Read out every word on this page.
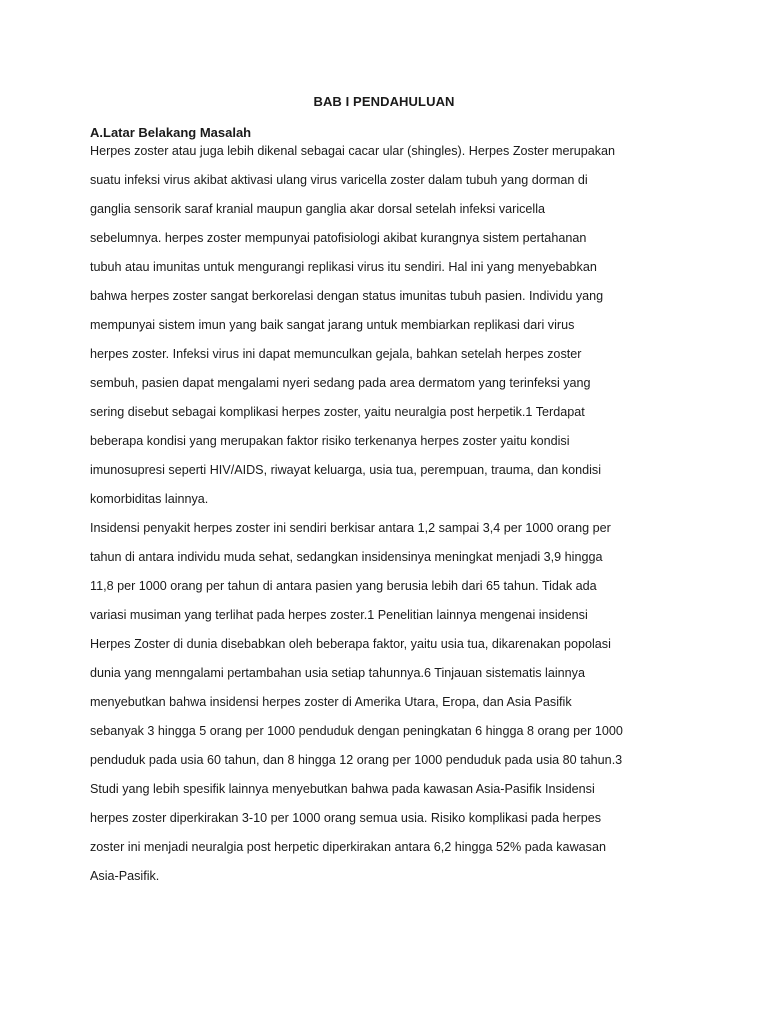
BAB I PENDAHULUAN
A.Latar Belakang Masalah
Herpes zoster atau juga lebih dikenal sebagai cacar ular (shingles). Herpes Zoster merupakan
suatu infeksi virus akibat aktivasi ulang virus varicella zoster dalam tubuh yang dorman di
ganglia sensorik saraf kranial maupun ganglia akar dorsal setelah infeksi varicella
sebelumnya. herpes zoster mempunyai patofisiologi akibat kurangnya sistem pertahanan
tubuh atau imunitas untuk mengurangi replikasi virus itu sendiri. Hal ini yang menyebabkan
bahwa herpes zoster sangat berkorelasi dengan status imunitas tubuh pasien. Individu yang
mempunyai sistem imun yang baik sangat jarang untuk membiarkan replikasi dari virus
herpes zoster. Infeksi virus ini dapat memunculkan gejala, bahkan setelah herpes zoster
sembuh, pasien dapat mengalami nyeri sedang pada area dermatom yang terinfeksi yang
sering disebut sebagai komplikasi herpes zoster, yaitu neuralgia post herpetik.1 Terdapat
beberapa kondisi yang merupakan faktor risiko terkenanya herpes zoster yaitu kondisi
imunosupresi seperti HIV/AIDS, riwayat keluarga, usia tua, perempuan, trauma, dan kondisi
komorbiditas lainnya.
Insidensi penyakit herpes zoster ini sendiri berkisar antara 1,2 sampai 3,4 per 1000 orang per
tahun di antara individu muda sehat, sedangkan insidensinya meningkat menjadi 3,9 hingga
11,8 per 1000 orang per tahun di antara pasien yang berusia lebih dari 65 tahun. Tidak ada
variasi musiman yang terlihat pada herpes zoster.1 Penelitian lainnya mengenai insidensi
Herpes Zoster di dunia disebabkan oleh beberapa faktor, yaitu usia tua, dikarenakan popolasi
dunia yang menngalami pertambahan usia setiap tahunnya.6 Tinjauan sistematis lainnya
menyebutkan bahwa insidensi herpes zoster di Amerika Utara, Eropa, dan Asia Pasifik
sebanyak 3 hingga 5 orang per 1000 penduduk dengan peningkatan 6 hingga 8 orang per 1000
penduduk pada usia 60 tahun, dan 8 hingga 12 orang per 1000 penduduk pada usia 80 tahun.3
Studi yang lebih spesifik lainnya menyebutkan bahwa pada kawasan Asia-Pasifik Insidensi
herpes zoster diperkirakan 3-10 per 1000 orang semua usia. Risiko komplikasi pada herpes
zoster ini menjadi neuralgia post herpetic diperkirakan antara 6,2 hingga 52% pada kawasan
Asia-Pasifik.
